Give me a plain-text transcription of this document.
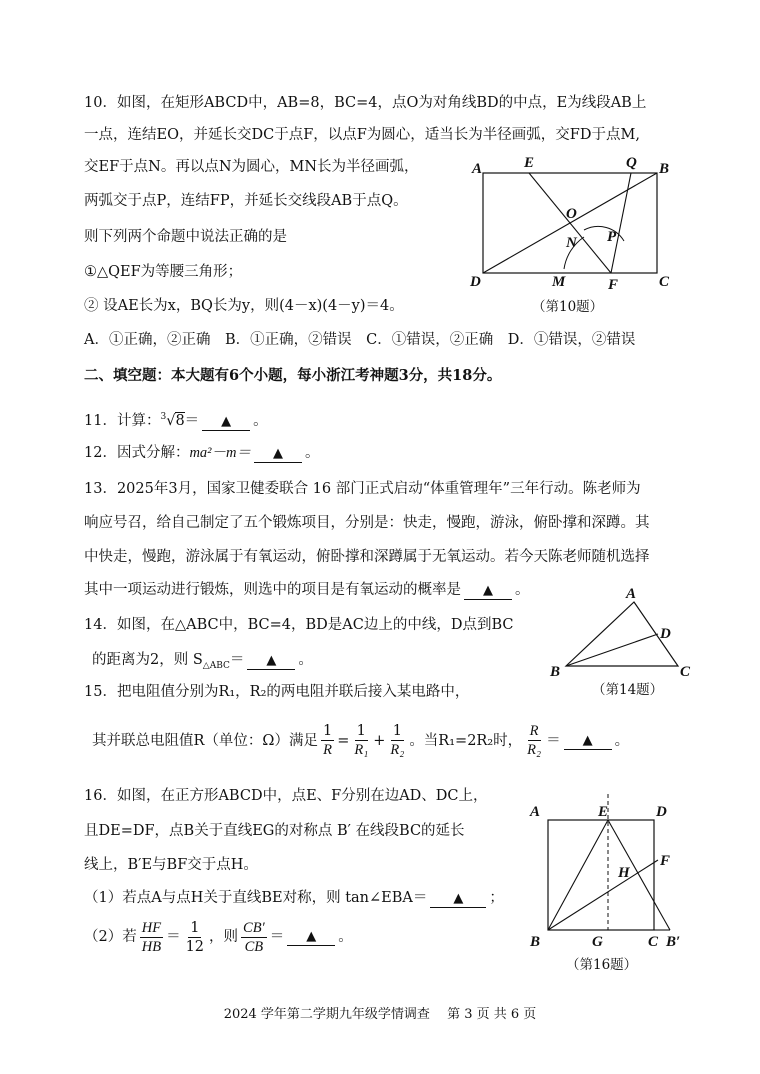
10．如图，在矩形ABCD中，AB=8，BC=4，点O为对角线BD的中点，E为线段AB上
一点，连结EO，并延长交DC于点F，以点F为圆心，适当长为半径画弧，交FD于点M,
交EF于点N。再以点N为圆心，MN长为半径画弧，
两弧交于点P，连结FP，并延长交线段AB于点Q。
则下列两个命题中说法正确的是
①△QEF为等腰三角形；
② 设AE长为x，BQ长为y，则(4－x)(4－y)＝4。
A．①正确，②正确　B．①正确，②错误　C．①错误，②正确　D．①错误，②错误
A	B
C
D
E
O
F
M
N P
Q
（第10题）
二、填空题：本大题有6个小题，每小浙江考神题3分，共18分。
11．计算：$^3$√8＝ ▲ 。
12．因式分解：ma²－m＝ ▲ 。
13．2025年3月，国家卫健委联合 16 部门正式启动“体重管理年”三年行动。陈老师为
响应号召，给自己制定了五个锻炼项目，分别是：快走，慢跑，游泳，俯卧撑和深蹲。其
中快走，慢跑，游泳属于有氧运动，俯卧撑和深蹲属于无氧运动。若今天陈老师随机选择
其中一项运动进行锻炼，则选中的项目是有氧运动的概率是 ▲ 。
14．如图，在△ABC中，BC=4，BD是AC边上的中线，D点到BC
的距离为2，则 $S_{\triangle ABC}=$ ▲ 。
A
B	C
D
（第14题）
15．把电阻值分别为R₁，R₂的两电阻并联后接入某电路中，
其并联总电阻值R（单位：Ω）满足 $\frac{1}{R} = \frac{1}{\text{R₁}} + \frac{1}{\text{R₂}}$ 。当R₁=2R₂时， $\frac{R}{\text{R₂}}$ ＝	▲	。
16．如图，在正方形ABCD中，点E、F分别在边AD、DC上，
且DE=DF，点B关于直线EG的对称点 B′ 在线段BC的延长
线上，B′E与BF交于点H。
（1）若点A与点H关于直线BE对称，则 tan∠EBA＝ ▲ ；
（2）若 $\frac{HF}{HB} = \frac{1}{12}$ ，则 $\frac{CB'}{CB}$ ＝	▲	。
A	D
E
F
H
B	G	C B′
（第16题）
2024 学年第二学期九年级学情调查　 第 3 页 共 6 页
